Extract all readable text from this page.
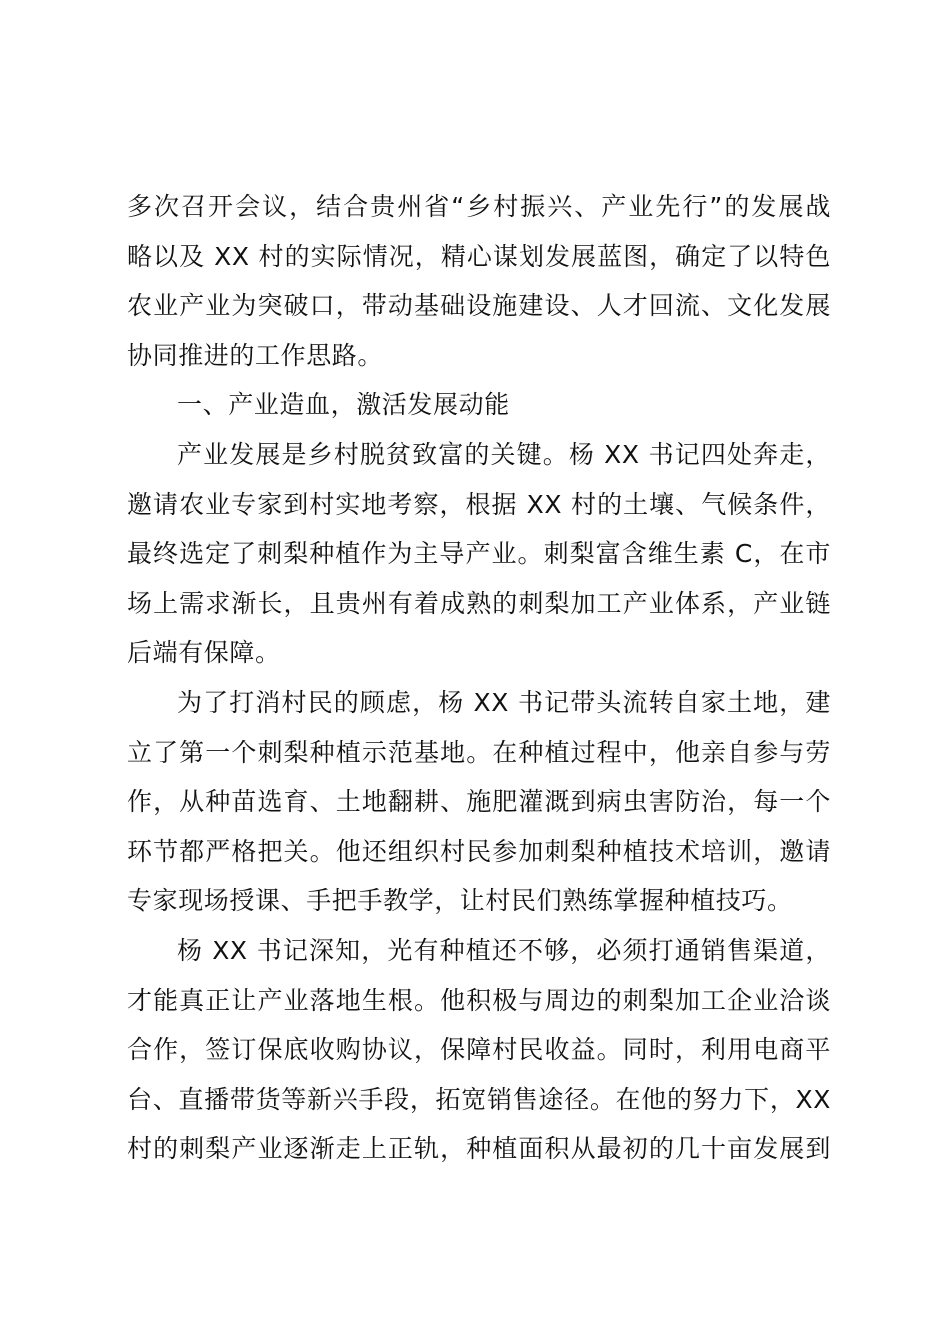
多次召开会议，结合贵州省“乡村振兴、产业先行”的发展战
略以及 XX 村的实际情况，精心谋划发展蓝图，确定了以特色
农业产业为突破口，带动基础设施建设、人才回流、文化发展
协同推进的工作思路。
一、产业造血，激活发展动能
产业发展是乡村脱贫致富的关键。杨 XX 书记四处奔走，
邀请农业专家到村实地考察，根据 XX 村的土壤、气候条件，
最终选定了刺梨种植作为主导产业。刺梨富含维生素 C，在市
场上需求渐长，且贵州有着成熟的刺梨加工产业体系，产业链
后端有保障。
为了打消村民的顾虑，杨 XX 书记带头流转自家土地，建
立了第一个刺梨种植示范基地。在种植过程中，他亲自参与劳
作，从种苗选育、土地翻耕、施肥灌溉到病虫害防治，每一个
环节都严格把关。他还组织村民参加刺梨种植技术培训，邀请
专家现场授课、手把手教学，让村民们熟练掌握种植技巧。
杨 XX 书记深知，光有种植还不够，必须打通销售渠道，
才能真正让产业落地生根。他积极与周边的刺梨加工企业洽谈
合作，签订保底收购协议，保障村民收益。同时，利用电商平
台、直播带货等新兴手段，拓宽销售途径。在他的努力下，XX
村的刺梨产业逐渐走上正轨，种植面积从最初的几十亩发展到
